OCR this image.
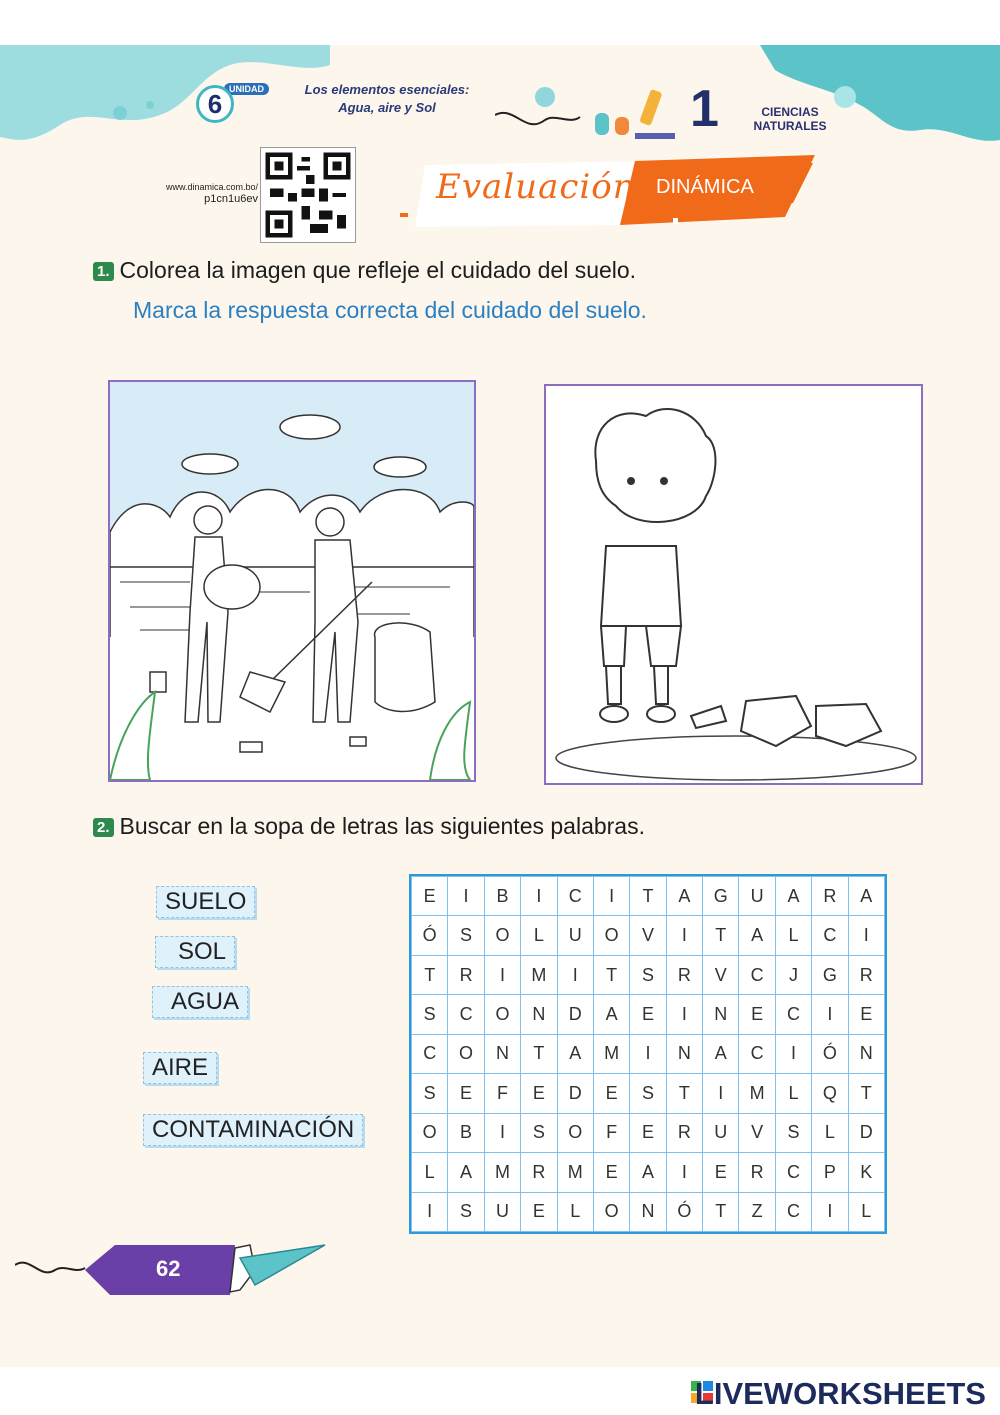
UNIDAD
6	Los elementos esenciales:
Agua, aire y Sol	1	CIENCIAS
NATURALES
www.dinamica.com.bo/
p1cn1u6ev	Evaluación DINÁMICA
1. Colorea la imagen que refleje el cuidado del suelo.
Marca la respuesta correcta del cuidado del suelo.
2. Buscar en la sopa de letras las siguientes palabras.
SUELO
SOL
AGUA
AIRE
CONTAMINACIÓN
E	I	B	I	C	I	T	A	G	U	A	R	A
Ó	S	O	L	U	O	V	I	T	A	L	C	I
T	R	I	M	I	T	S	R	V	C	J	G	R
S	C	O	N	D	A	E	I	N	E	C	I	E
C	O	N	T	A	M	I	N	A	C	I	Ó	N
S	E	F	E	D	E	S	T	I	M	L	Q	T
O	B	I	S	O	F	E	R	U	V	S	L	D
L	A	M	R	M	E	A	I	E	R	C	P	K
I	S	U	E	L	O	N	Ó	T	Z	C	I	L
62
LIVEWORKSHEETS
